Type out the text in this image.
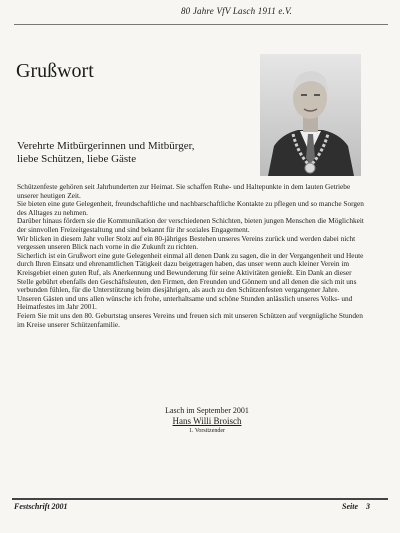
80 Jahre VfV Lasch 1911 e.V.
Grußwort
Verehrte Mitbürgerinnen und Mitbürger,
liebe Schützen, liebe Gäste

Schützenfeste gehören seit Jahrhunderten zur Heimat. Sie schaffen Ruhe- und Haltepunkte in dem lauten Getriebe unserer heutigen Zeit.

Sie bieten eine gute Gelegenheit, freundschaftliche und nachbarschaftliche Kontakte zu pflegen und so manche Sorgen des Alltages zu nehmen.

Darüber hinaus fördern sie die Kommunikation der verschiedenen Schichten, bieten jungen Menschen die Möglichkeit der sinnvollen Freizeitgestaltung und sind bekannt für ihr soziales Engagement.

Wir blicken in diesem Jahr voller Stolz auf ein 80-jähriges Bestehen unseres Vereins zurück und werden dabei nicht vergessen unseren Blick nach vorne in die Zukunft zu richten.

Sicherlich ist ein Grußwort eine gute Gelegenheit einmal all denen Dank zu sagen, die in der Vergangenheit und Heute durch Ihren Einsatz und ehrenamtlichen Tätigkeit dazu beigetragen haben, das unser wenn auch kleiner Verein im Kreisgebiet einen guten Ruf, als Anerkennung und Bewunderung für seine Aktivitäten genießt. Ein Dank an dieser Stelle gebührt ebenfalls den Geschäftsleuten, den Firmen, den Freunden und Gönnern und all denen die sich mit uns verbunden fühlen, für die Unterstützung beim diesjährigen, als auch zu den Schützenfesten vergangener Jahre.

Unseren Gästen und uns allen wünsche ich frohe, unterhaltsame und schöne Stunden anlässlich unseres Volks- und Heimatfestes im Jahr 2001.

Feiern Sie mit uns den 80. Geburtstag unseres Vereins und freuen sich mit unseren Schützen auf vergnügliche Stunden im Kreise unserer Schützenfamilie.

Lasch im September 2001
Hans Willi Broisch
1. Vorsitzender
Festschrift 2001	Seite 3
